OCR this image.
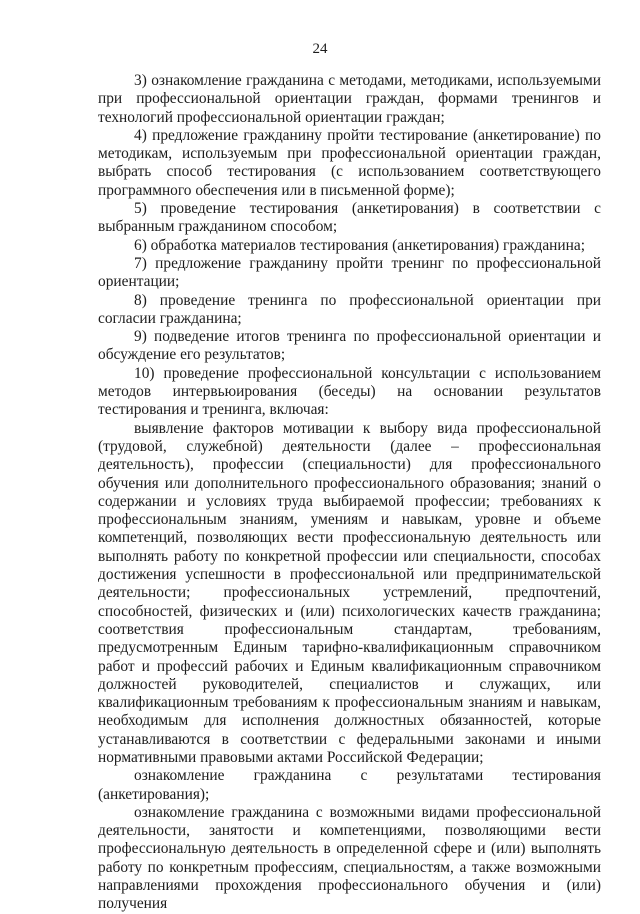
24

3) ознакомление гражданина с методами, методиками, используемыми при профессиональной ориентации граждан, формами тренингов и технологий профессиональной ориентации граждан;

4) предложение гражданину пройти тестирование (анкетирование) по методикам, используемым при профессиональной ориентации граждан, выбрать способ тестирования (с использованием соответствующего программного обеспечения или в письменной форме);

5) проведение тестирования (анкетирования) в соответствии с выбранным гражданином способом;

6) обработка материалов тестирования (анкетирования) гражданина;

7) предложение гражданину пройти тренинг по профессиональной ориентации;

8) проведение тренинга по профессиональной ориентации при согласии гражданина;

9) подведение итогов тренинга по профессиональной ориентации и обсуждение его результатов;

10) проведение профессиональной консультации с использованием методов интервьюирования (беседы) на основании результатов тестирования и тренинга, включая:

выявление факторов мотивации к выбору вида профессиональной (трудовой, служебной) деятельности (далее – профессиональная деятельность), профессии (специальности) для профессионального обучения или дополнительного профессионального образования; знаний о содержании и условиях труда выбираемой профессии; требованиях к профессиональным знаниям, умениям и навыкам, уровне и объеме компетенций, позволяющих вести профессиональную деятельность или выполнять работу по конкретной профессии или специальности, способах достижения успешности в профессиональной или предпринимательской деятельности; профессиональных устремлений, предпочтений, способностей, физических и (или) психологических качеств гражданина; соответствия профессиональным стандартам, требованиям, предусмотренным Единым тарифно-квалификационным справочником работ и профессий рабочих и Единым квалификационным справочником должностей руководителей, специалистов и служащих, или квалификационным требованиям к профессиональным знаниям и навыкам, необходимым для исполнения должностных обязанностей, которые устанавливаются в соответствии с федеральными законами и иными нормативными правовыми актами Российской Федерации;

ознакомление гражданина с результатами тестирования (анкетирования);

ознакомление гражданина с возможными видами профессиональной деятельности, занятости и компетенциями, позволяющими вести профессиональную деятельность в определенной сфере и (или) выполнять работу по конкретным профессиям, специальностям, а также возможными направлениями прохождения профессионального обучения и (или) получения
